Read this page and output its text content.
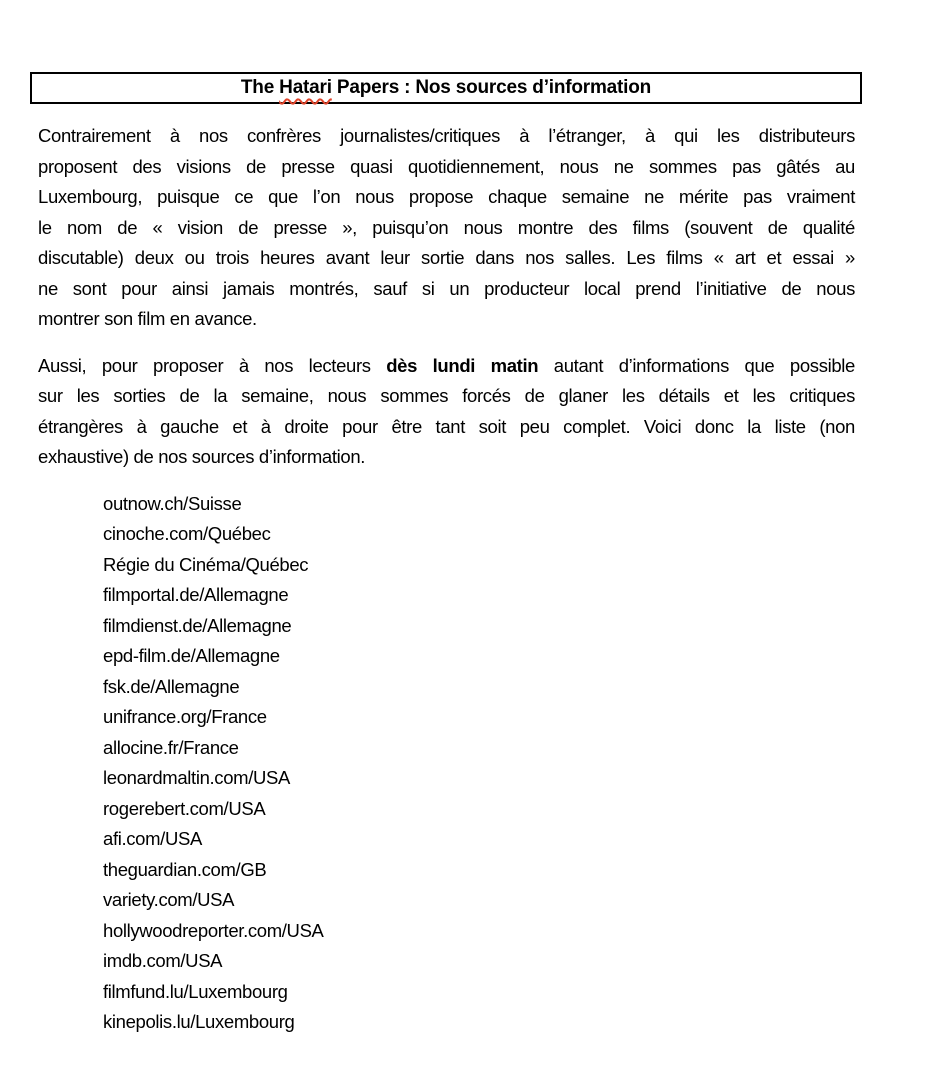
The Hatari Papers : Nos sources d’information

Contrairement à nos confrères journalistes/critiques à l’étranger, à qui les distributeurs
proposent des visions de presse quasi quotidiennement, nous ne sommes pas gâtés au
Luxembourg, puisque ce que l’on nous propose chaque semaine ne mérite pas vraiment
le nom de « vision de presse », puisqu’on nous montre des films (souvent de qualité
discutable) deux ou trois heures avant leur sortie dans nos salles. Les films « art et essai »
ne sont pour ainsi jamais montrés, sauf si un producteur local prend l’initiative de nous
montrer son film en avance.

Aussi, pour proposer à nos lecteurs dès lundi matin autant d’informations que possible
sur les sorties de la semaine, nous sommes forcés de glaner les détails et les critiques
étrangères à gauche et à droite pour être tant soit peu complet. Voici donc la liste (non
exhaustive) de nos sources d’information.

outnow.ch/Suisse
cinoche.com/Québec
Régie du Cinéma/Québec
filmportal.de/Allemagne
filmdienst.de/Allemagne
epd-film.de/Allemagne
fsk.de/Allemagne
unifrance.org/France
allocine.fr/France
leonardmaltin.com/USA
rogerebert.com/USA
afi.com/USA
theguardian.com/GB
variety.com/USA
hollywoodreporter.com/USA
imdb.com/USA
filmfund.lu/Luxembourg
kinepolis.lu/Luxembourg
